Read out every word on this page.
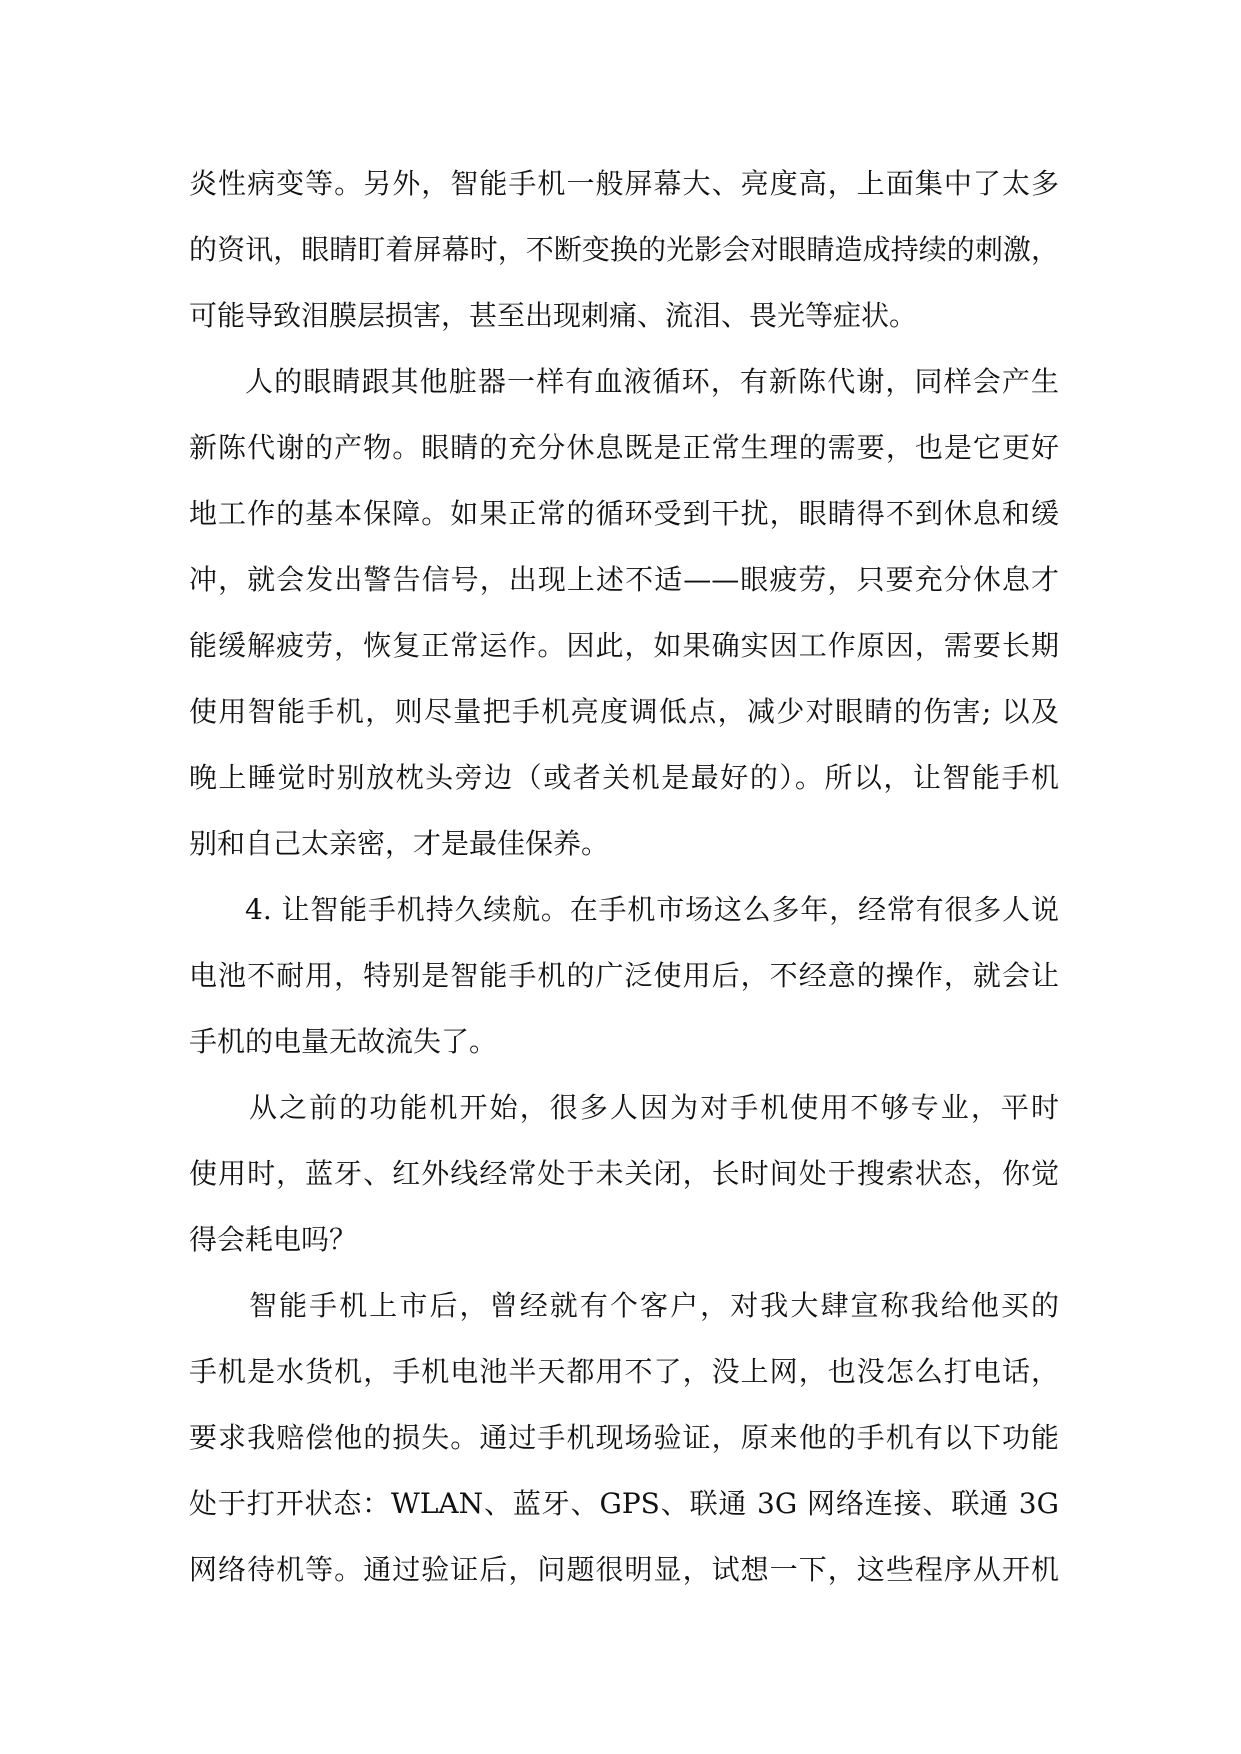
炎性病变等。另外，智能手机一般屏幕大、亮度高，上面集中了太多
的资讯，眼睛盯着屏幕时，不断变换的光影会对眼睛造成持续的刺激，
可能导致泪膜层损害，甚至出现刺痛、流泪、畏光等症状。
人的眼睛跟其他脏器一样有血液循环，有新陈代谢，同样会产生
新陈代谢的产物。眼睛的充分休息既是正常生理的需要，也是它更好
地工作的基本保障。如果正常的循环受到干扰，眼睛得不到休息和缓
冲，就会发出警告信号，出现上述不适——眼疲劳，只要充分休息才
能缓解疲劳，恢复正常运作。因此，如果确实因工作原因，需要长期
使用智能手机，则尽量把手机亮度调低点，减少对眼睛的伤害; 以及
晚上睡觉时别放枕头旁边（或者关机是最好的）。所以，让智能手机
别和自己太亲密，才是最佳保养。
4. 让智能手机持久续航。在手机市场这么多年，经常有很多人说
电池不耐用，特别是智能手机的广泛使用后，不经意的操作，就会让
手机的电量无故流失了。
从之前的功能机开始，很多人因为对手机使用不够专业，平时
使用时，蓝牙、红外线经常处于未关闭，长时间处于搜索状态，你觉
得会耗电吗？
智能手机上市后，曾经就有个客户，对我大肆宣称我给他买的
手机是水货机，手机电池半天都用不了，没上网，也没怎么打电话，
要求我赔偿他的损失。通过手机现场验证，原来他的手机有以下功能
处于打开状态：WLAN、蓝牙、GPS、联通 3G 网络连接、联通 3G
网络待机等。通过验证后，问题很明显，试想一下，这些程序从开机
